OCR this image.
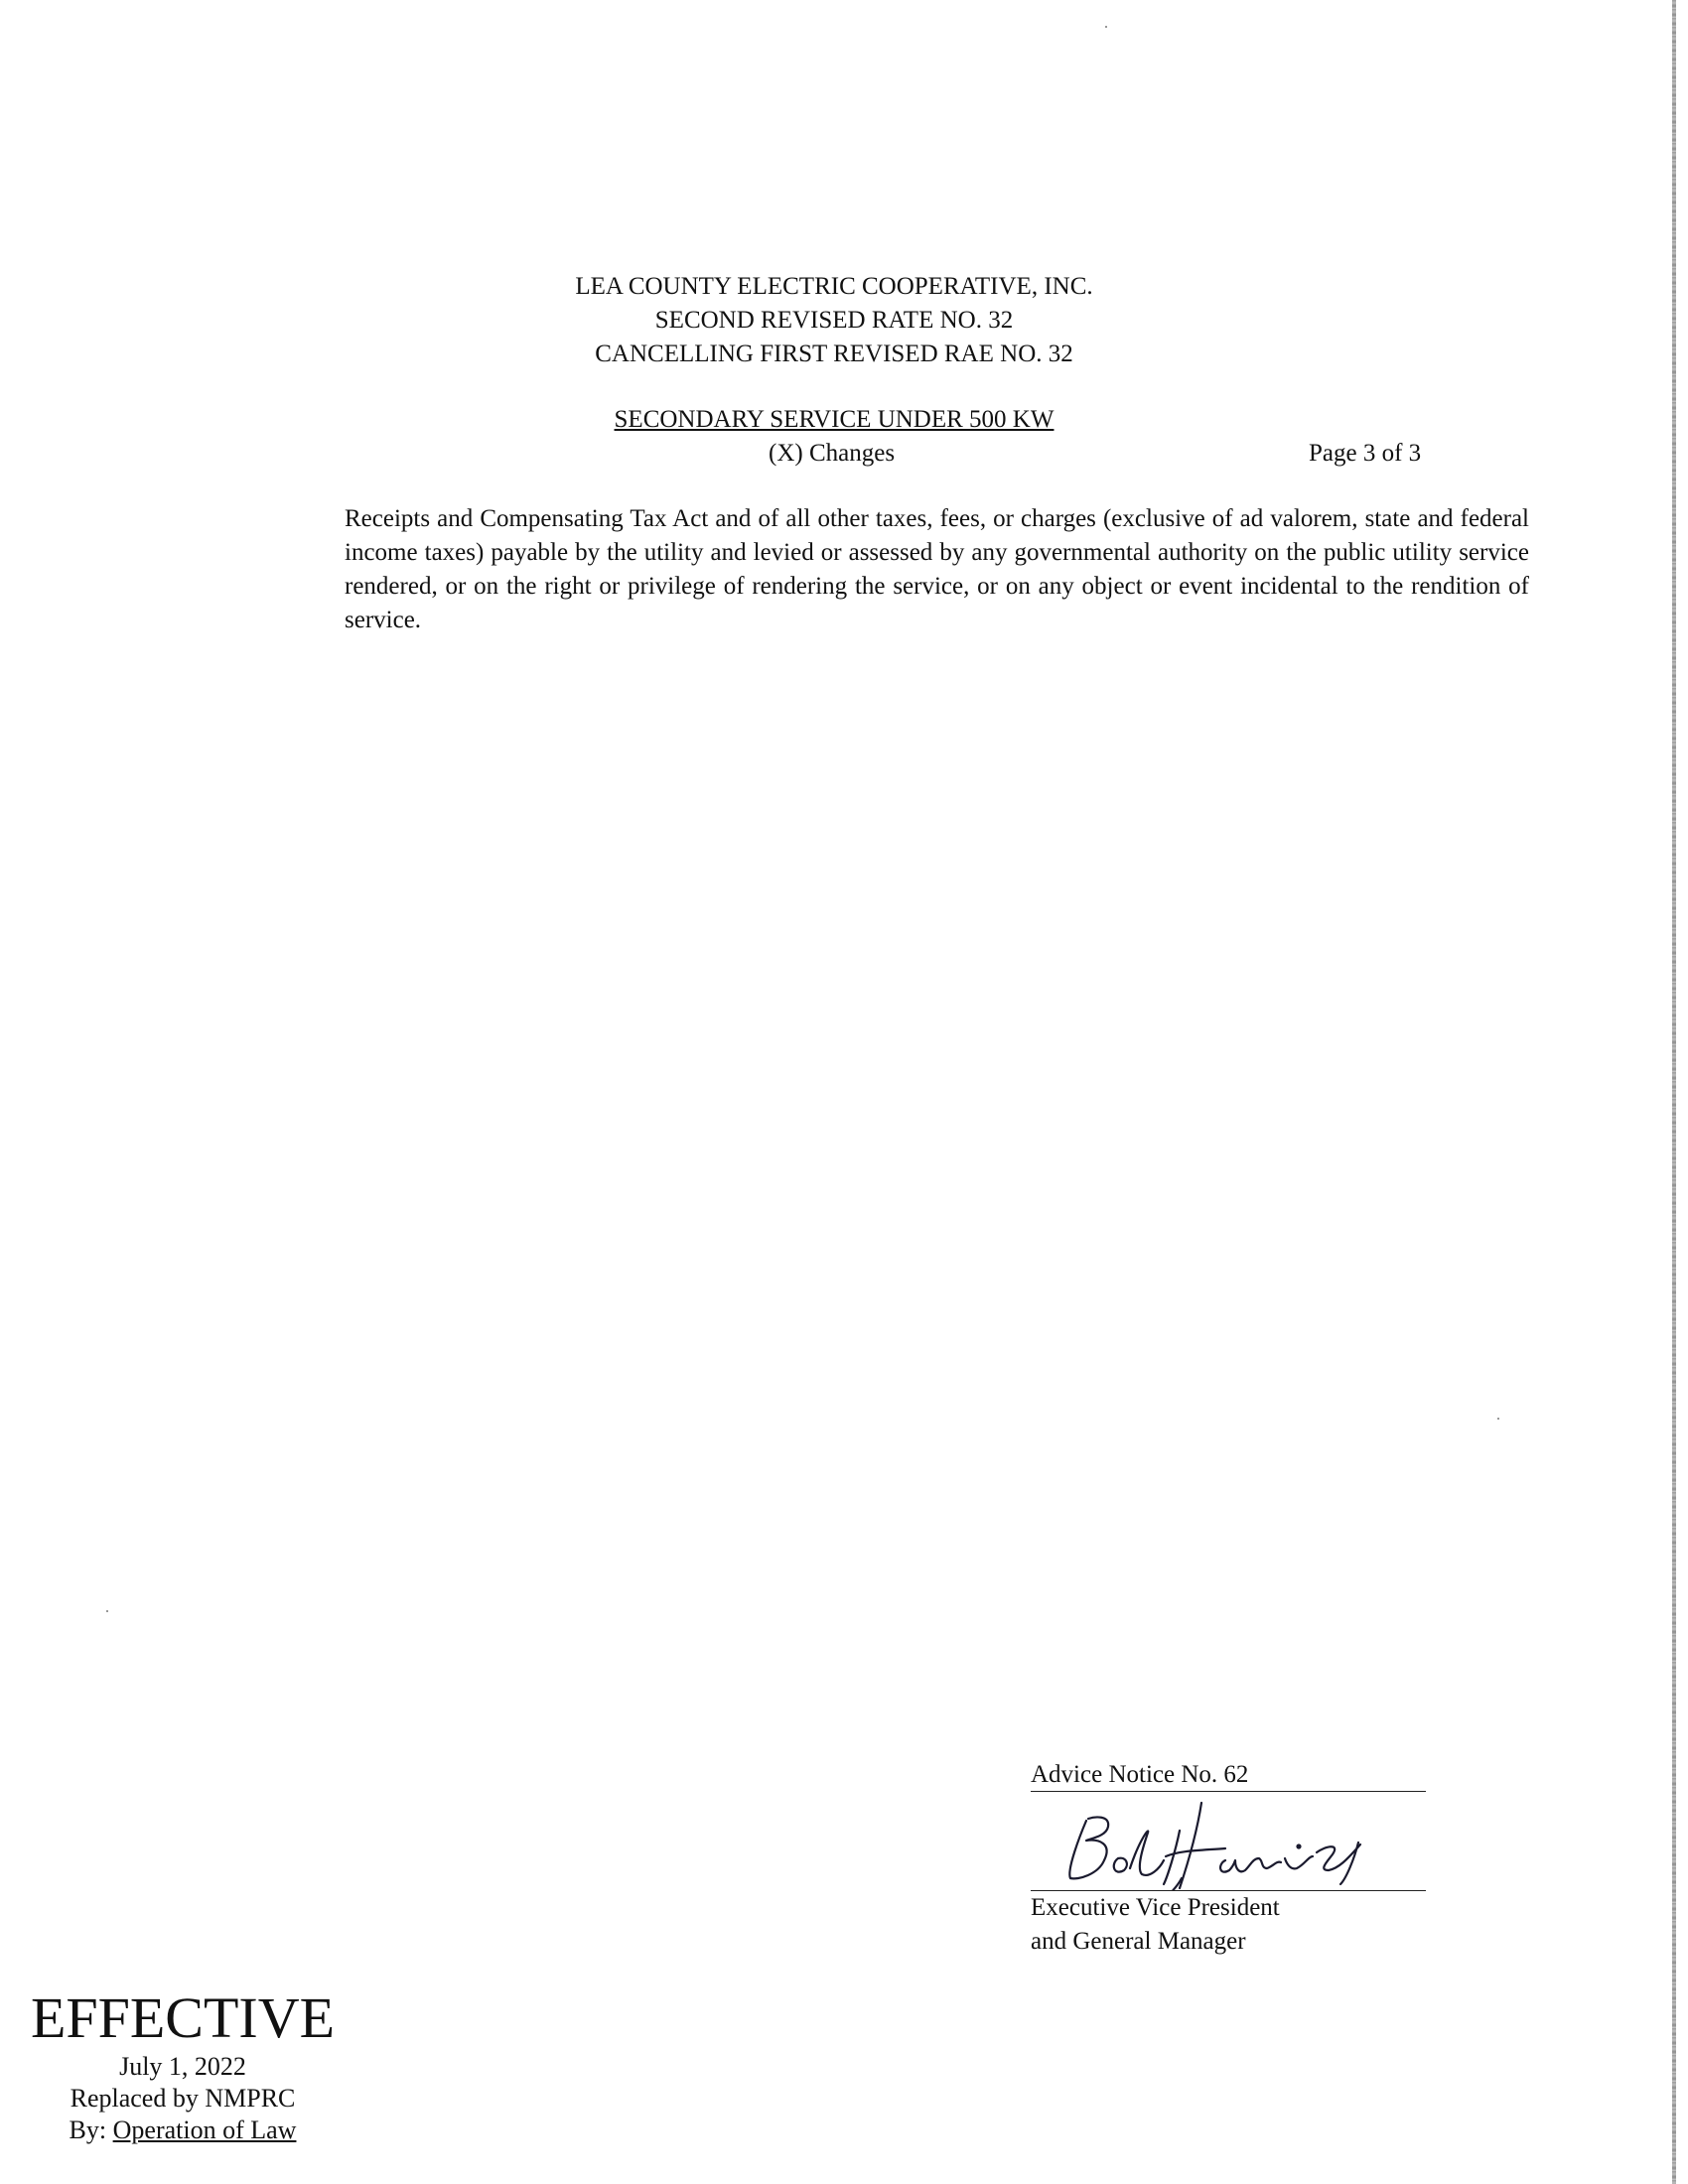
LEA COUNTY ELECTRIC COOPERATIVE, INC.
SECOND REVISED RATE NO. 32
CANCELLING FIRST REVISED RAE NO. 32
SECONDARY SERVICE UNDER 500 KW
(X) Changes	Page 3 of 3
Receipts and Compensating Tax Act and of all other taxes, fees, or charges (exclusive of ad valorem, state and federal income taxes) payable by the utility and levied or assessed by any governmental authority on the public utility service rendered, or on the right or privilege of rendering the service, or on any object or event incidental to the rendition of service.
Advice Notice No. 62
Executive Vice President
and General Manager
EFFECTIVE
July 1, 2022
Replaced by NMPRC
By: Operation of Law
